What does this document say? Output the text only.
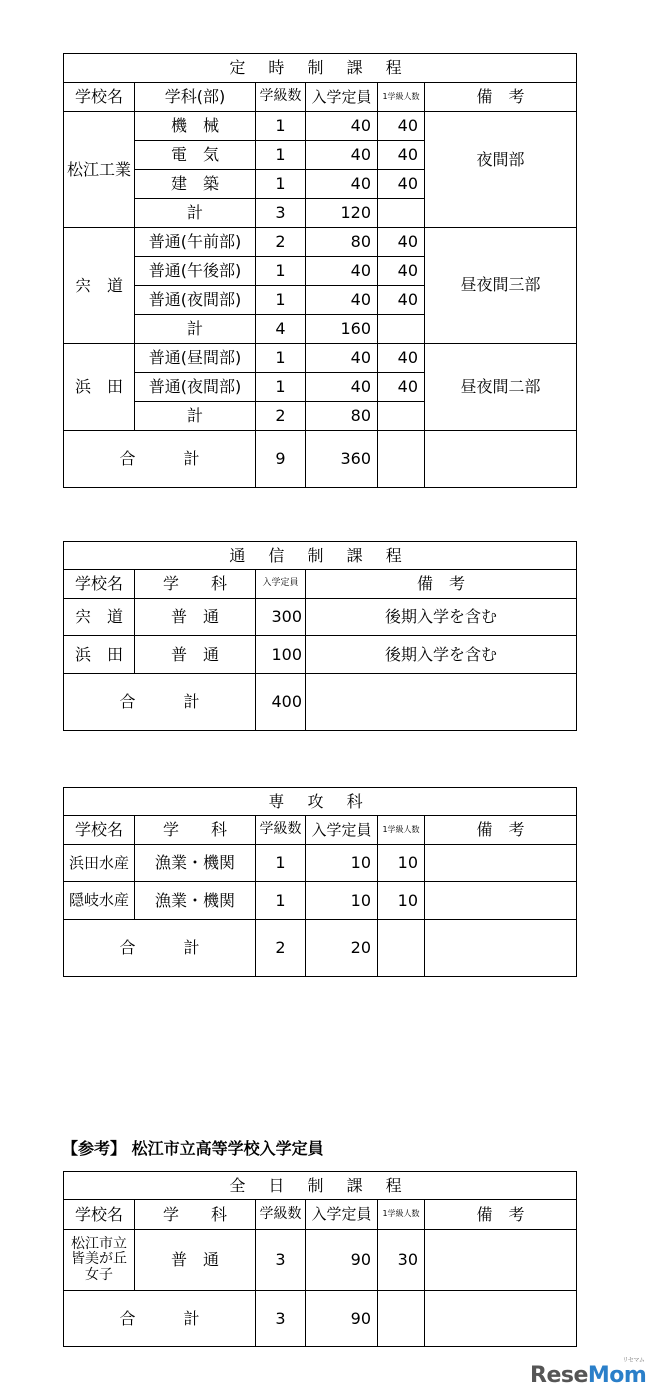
定 時 制 課 程					
学校名	学科(部)	学級数	入学定員	1学級人数	備　考
松江工業	機　械	1	40	40	夜間部
	電　気	1	40	40	
	建　築	1	40	40	
	計	3	120		
宍　道	普通(午前部)	2	80	40	昼夜間三部
	普通(午後部)	1	40	40	
	普通(夜間部)	1	40	40	
	計	4	160		
浜　田	普通(昼間部)	1	40	40	昼夜間二部
	普通(夜間部)	1	40	40	
	計	2	80		
合　計		9	360		
通 信 制 課 程			
学校名	学　　科	入学定員	備　考
宍　道	普　通	300	後期入学を含む
浜　田	普　通	100	後期入学を含む
合　計		400	
専 攻 科					
学校名	学　　科	学級数	入学定員	1学級人数	備　考
浜田水産	漁業・機関	1	10	10	
隠岐水産	漁業・機関	1	10	10	
合　計		2	20		
【参考】 松江市立高等学校入学定員
全 日 制 課 程					
学校名	学　　科	学級数	入学定員	1学級人数	備　考

松江市立
皆美が丘
女子	普　通	3	90	30	
合　計		3	90		
ReseMom
リセマム
